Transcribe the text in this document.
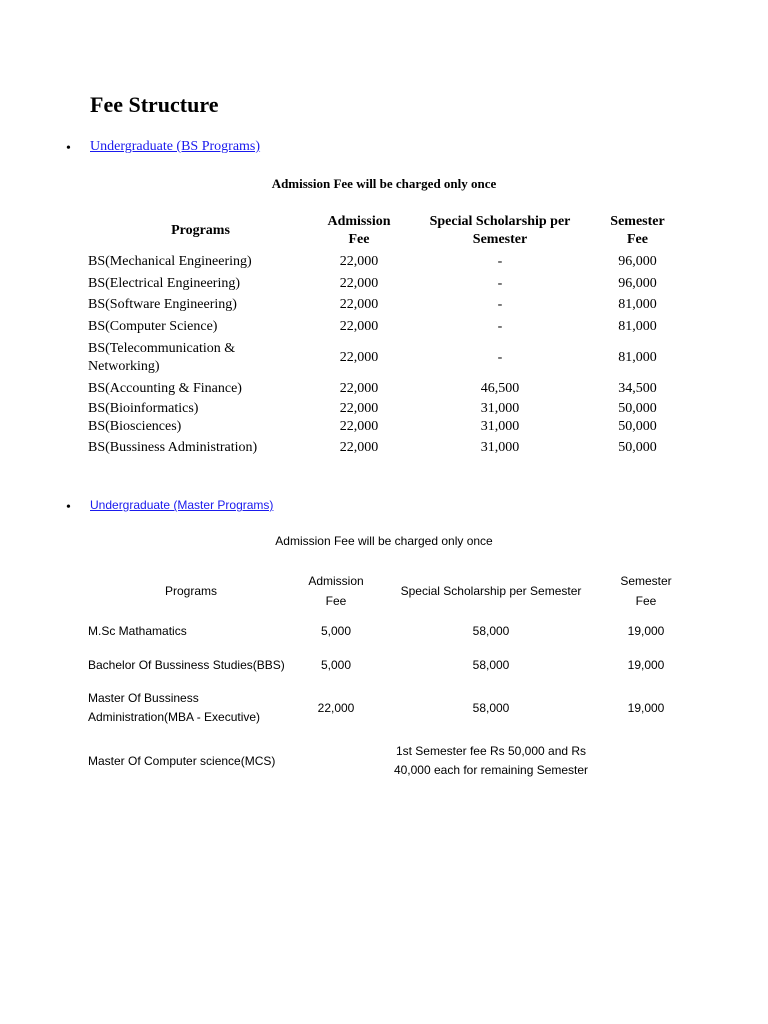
Fee Structure
• Undergraduate (BS Programs)
Admission Fee will be charged only once
Programs	Admission Fee	Special Scholarship per Semester	Semester Fee
BS(Mechanical Engineering)	22,000	-	96,000
BS(Electrical Engineering)	22,000	-	96,000
BS(Software Engineering)	22,000	-	81,000
BS(Computer Science)	22,000	-	81,000
BS(Telecommunication & Networking)	22,000	-	81,000
BS(Accounting & Finance)	22,000	46,500	34,500
BS(Bioinformatics)	22,000	31,000	50,000
BS(Biosciences)	22,000	31,000	50,000
BS(Bussiness Administration)	22,000	31,000	50,000
• Undergraduate (Master Programs)
Admission Fee will be charged only once
Programs	Admission Fee	Special Scholarship per Semester	Semester Fee
M.Sc Mathamatics	5,000	58,000	19,000
Bachelor Of Bussiness Studies(BBS)	5,000	58,000	19,000
Master Of Bussiness Administration(MBA - Executive)	22,000	58,000	19,000
Master Of Computer science(MCS)	1st Semester fee Rs 50,000 and Rs 40,000 each for remaining Semester		
